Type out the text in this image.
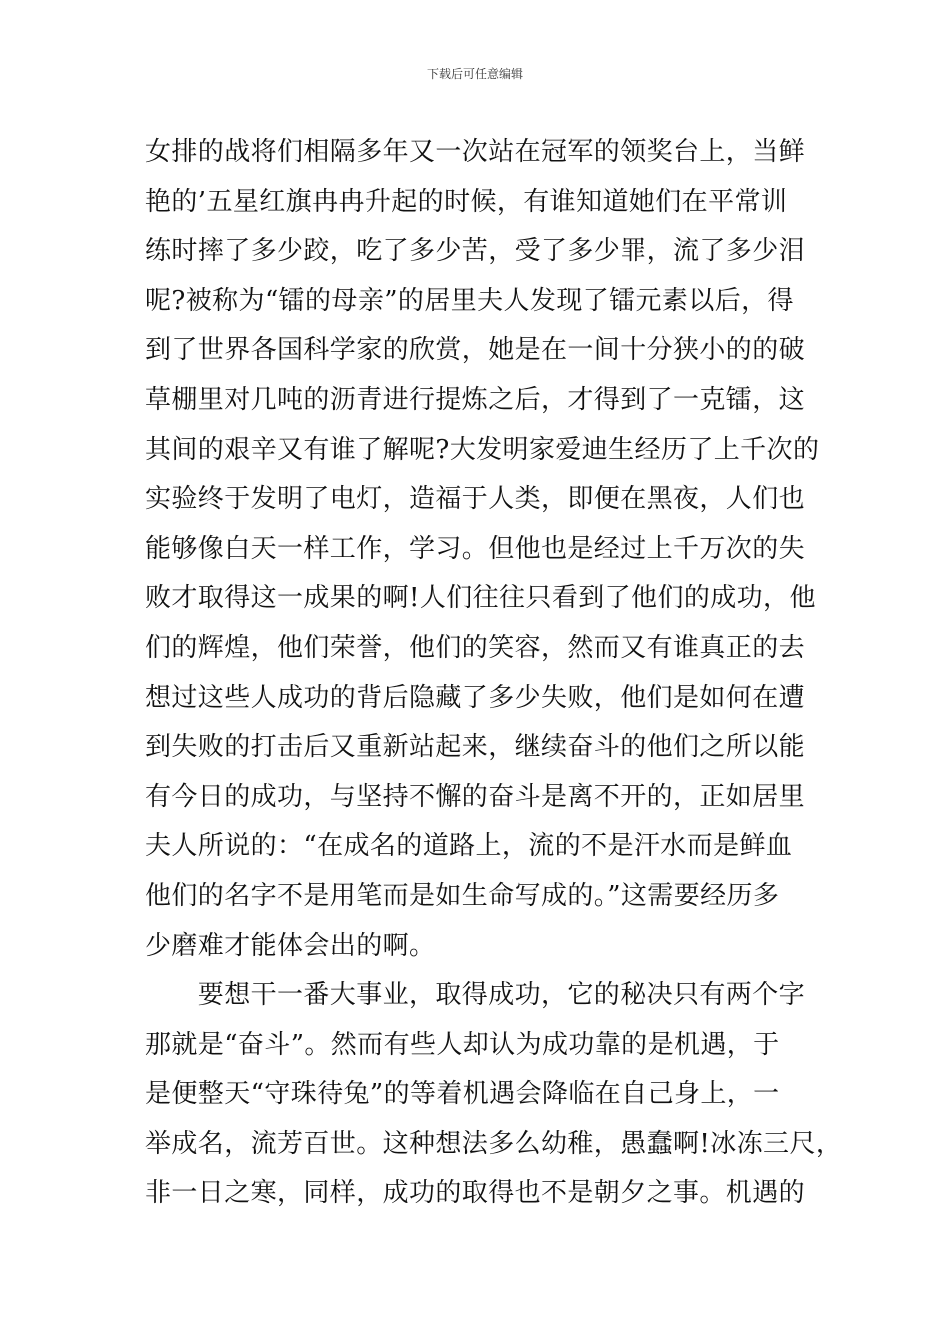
下载后可任意编辑
女排的战将们相隔多年又一次站在冠军的领奖台上，当鲜
艳的’五星红旗冉冉升起的时候，有谁知道她们在平常训
练时摔了多少跤，吃了多少苦，受了多少罪，流了多少泪
呢?被称为“镭的母亲”的居里夫人发现了镭元素以后，得
到了世界各国科学家的欣赏，她是在一间十分狭小的的破
草棚里对几吨的沥青进行提炼之后，才得到了一克镭，这
其间的艰辛又有谁了解呢?大发明家爱迪生经历了上千次的
实验终于发明了电灯，造福于人类，即便在黑夜，人们也
能够像白天一样工作，学习。但他也是经过上千万次的失
败才取得这一成果的啊!人们往往只看到了他们的成功，他
们的辉煌，他们荣誉，他们的笑容，然而又有谁真正的去
想过这些人成功的背后隐藏了多少失败，他们是如何在遭
到失败的打击后又重新站起来，继续奋斗的他们之所以能
有今日的成功，与坚持不懈的奋斗是离不开的，正如居里
夫人所说的：“在成名的道路上，流的不是汗水而是鲜血
他们的名字不是用笔而是如生命写成的。”这需要经历多
少磨难才能体会出的啊。
　　要想干一番大事业，取得成功，它的秘决只有两个字
那就是“奋斗”。然而有些人却认为成功靠的是机遇，于
是便整天“守珠待兔”的等着机遇会降临在自己身上，一
举成名，流芳百世。这种想法多么幼稚，愚蠢啊!冰冻三尺，
非一日之寒，同样，成功的取得也不是朝夕之事。机遇的
